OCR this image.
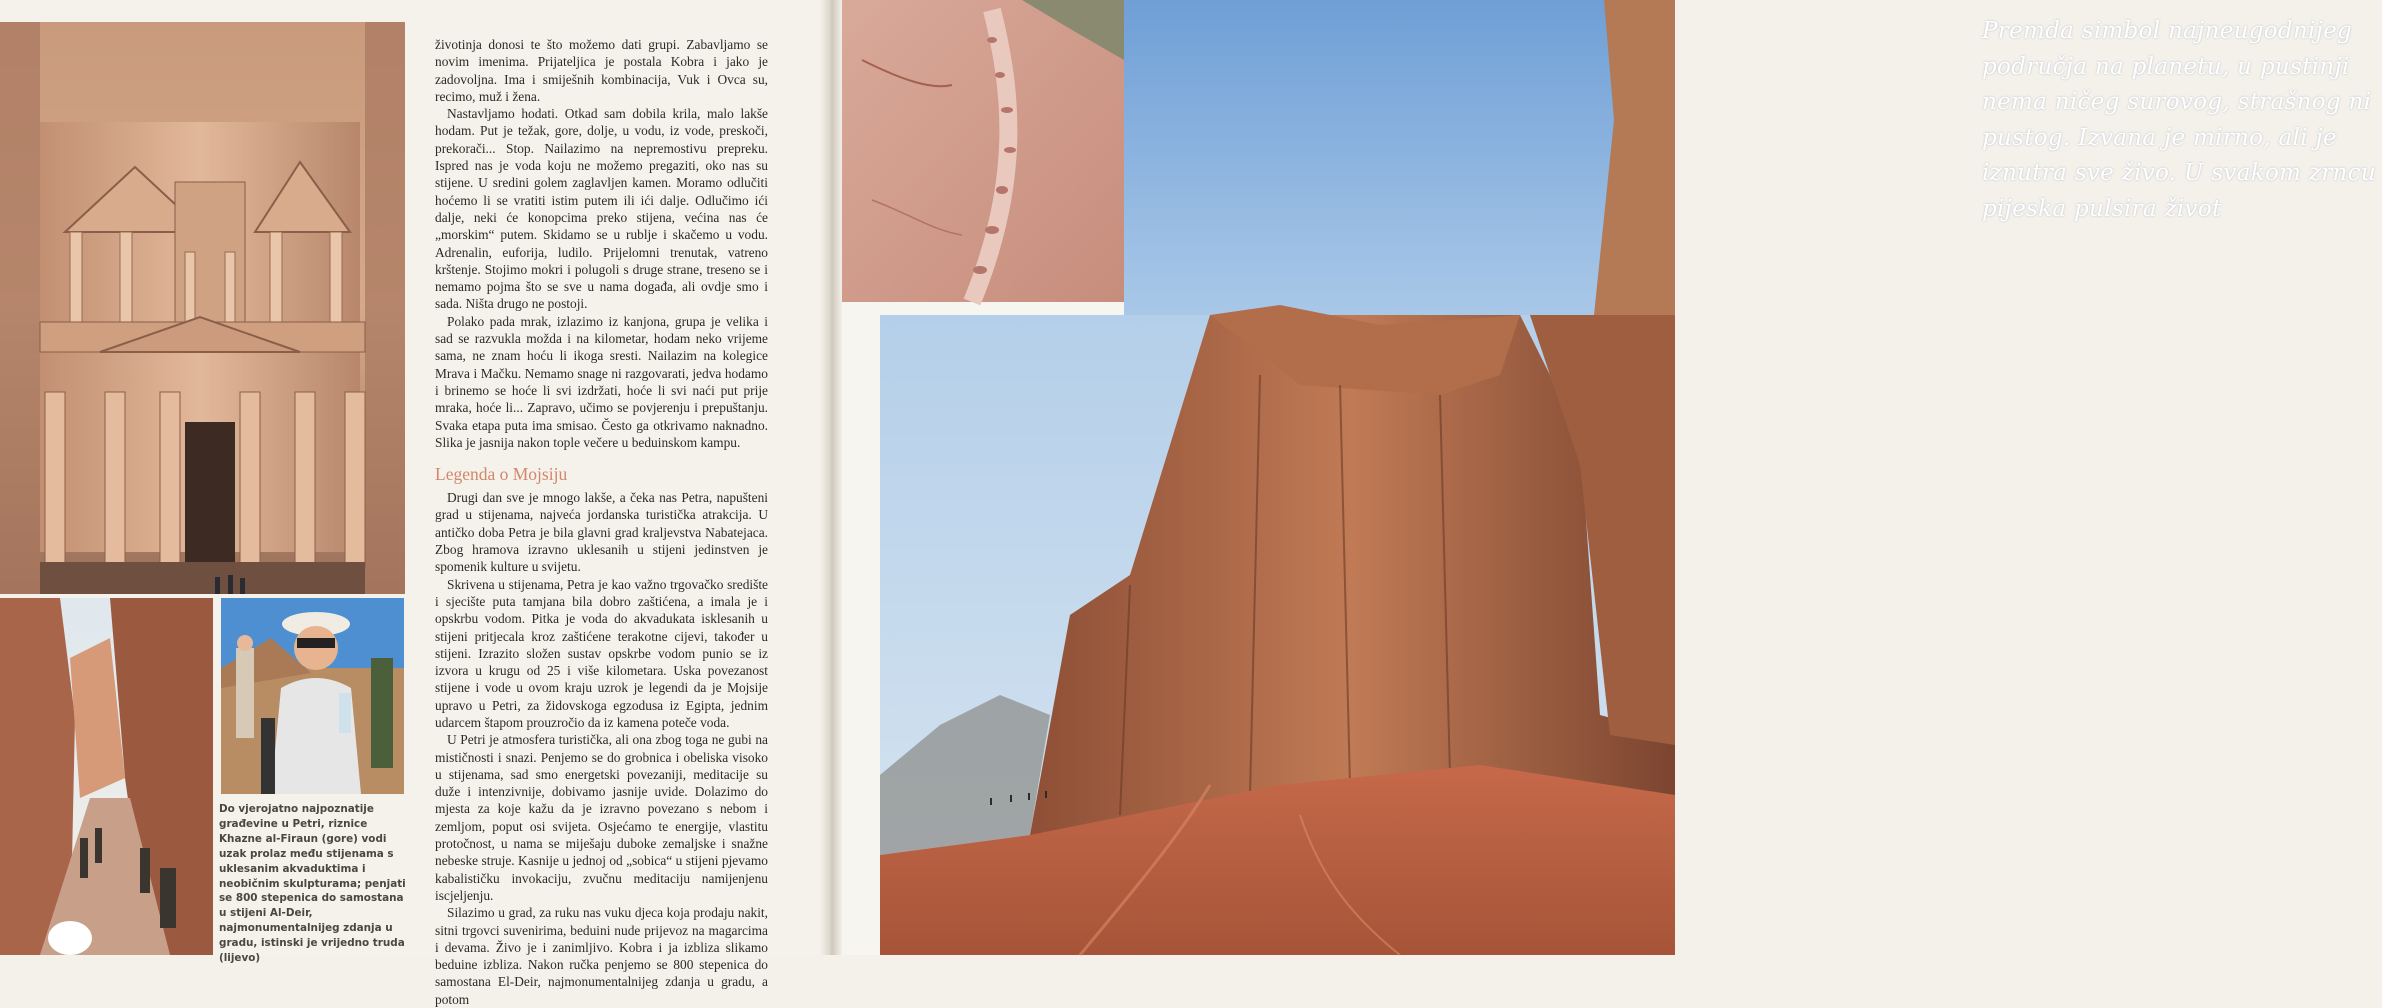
Do vjerojatno najpoznatije građevine u Petri, riznice Khazne al-Firaun (gore) vodi uzak prolaz među stijenama s uklesanim akvaduktima i neobičnim skulpturama; penjati se 800 stepenica do samostana u stijeni Al-Deir, najmonumentalnijeg zdanja u gradu, istinski je vrijedno truda (lijevo)

životinja donosi te što možemo dati grupi. Zabavljamo se novim imenima. Prijateljica je postala Kobra i jako je zadovoljna. Ima i smiješnih kombinacija, Vuk i Ovca su, recimo, muž i žena.

Nastavljamo hodati. Otkad sam dobila krila, malo lakše hodam. Put je težak, gore, dolje, u vodu, iz vode, preskoči, prekorači... Stop. Nailazimo na nepremostivu prepreku. Ispred nas je voda koju ne možemo pregaziti, oko nas su stijene. U sredini golem zaglavljen kamen. Moramo odlučiti hoćemo li se vratiti istim putem ili ići dalje. Odlučimo ići dalje, neki će konopcima preko stijena, većina nas će „morskim“ putem. Skidamo se u rublje i skačemo u vodu. Adrenalin, euforija, ludilo. Prijelomni trenutak, vatreno krštenje. Stojimo mokri i polugoli s druge strane, treseno se i nemamo pojma što se sve u nama događa, ali ovdje smo i sada. Ništa drugo ne postoji.

Polako pada mrak, izlazimo iz kanjona, grupa je velika i sad se razvukla možda i na kilometar, hodam neko vrijeme sama, ne znam hoću li ikoga sresti. Nailazim na kolegice Mrava i Mačku. Nemamo snage ni razgovarati, jedva hodamo i brinemo se hoće li svi izdržati, hoće li svi naći put prije mraka, hoće li... Zapravo, učimo se povjerenju i prepuštanju. Svaka etapa puta ima smisao. Često ga otkrivamo naknadno. Slika je jasnija nakon tople večere u beduinskom kampu.

Legenda o Mojsiju

Drugi dan sve je mnogo lakše, a čeka nas Petra, napušteni grad u stijenama, najveća jordanska turistička atrakcija. U antičko doba Petra je bila glavni grad kraljevstva Nabatejaca. Zbog hramova izravno uklesanih u stijeni jedinstven je spomenik kulture u svijetu.

Skrivena u stijenama, Petra je kao važno trgovačko središte i sjecište puta tamjana bila dobro zaštićena, a imala je i opskrbu vodom. Pitka je voda do akvadukata isklesanih u stijeni pritjecala kroz zaštićene terakotne cijevi, također u stijeni. Izrazito složen sustav opskrbe vodom punio se iz izvora u krugu od 25 i više kilometara. Uska povezanost stijene i vode u ovom kraju uzrok je legendi da je Mojsije upravo u Petri, za židovskoga egzodusa iz Egipta, jednim udarcem štapom prouzročio da iz kamena poteče voda.

U Petri je atmosfera turistička, ali ona zbog toga ne gubi na mističnosti i snazi. Penjemo se do grobnica i obeliska visoko u stijenama, sad smo energetski povezaniji, meditacije su duže i intenzivnije, dobivamo jasnije uvide. Dolazimo do mjesta za koje kažu da je izravno povezano s nebom i zemljom, poput osi svijeta. Osjećamo te energije, vlastitu protočnost, u nama se miješaju duboke zemaljske i snažne nebeske struje. Kasnije u jednoj od „sobica“ u stijeni pjevamo kabalističku invokaciju, zvučnu meditaciju namijenjenu iscjeljenju.

Silazimo u grad, za ruku nas vuku djeca koja prodaju nakit, sitni trgovci suvenirima, beduini nude prijevoz na magarcima i devama. Živo je i zanimljivo. Kobra i ja izbliza slikamo beduine izbliza. Nakon ručka penjemo se 800 stepenica do samostana El-Deir, najmonumentalnijeg zdanja u gradu, a potom

Premda simbol najneugodnijeg područja na planetu, u pustinji nema ničeg surovog, strašnog ni pustog. Izvana je mirno, ali je iznutra sve živo. U svakom zrncu pijeska pulsira život
